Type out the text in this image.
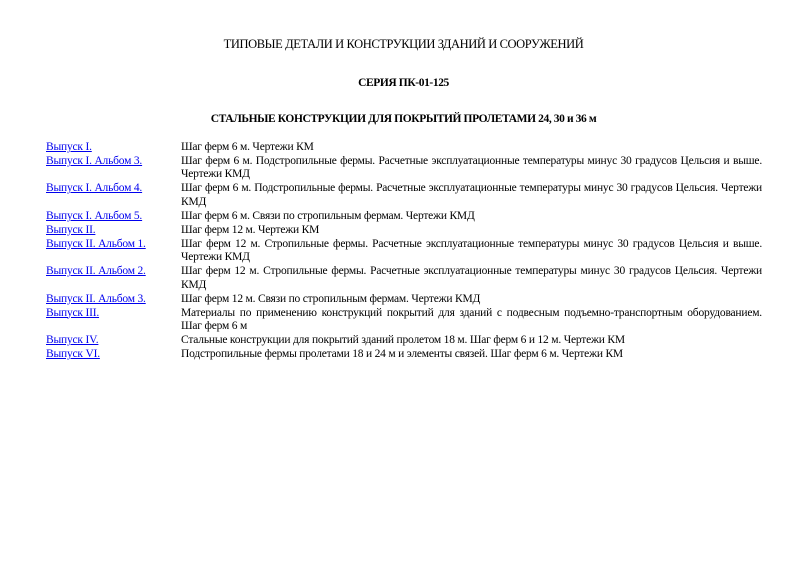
ТИПОВЫЕ ДЕТАЛИ И КОНСТРУКЦИИ ЗДАНИЙ И СООРУЖЕНИЙ
СЕРИЯ ПК-01-125
СТАЛЬНЫЕ КОНСТРУКЦИИ ДЛЯ ПОКРЫТИЙ ПРОЛЕТАМИ 24, 30 и 36 м
Выпуск I.	Шаг ферм 6 м. Чертежи КМ
Выпуск I. Альбом 3.	Шаг ферм 6 м. Подстропильные фермы. Расчетные эксплуатационные температуры минус 30 градусов Цельсия и выше. Чертежи КМД
Выпуск I. Альбом 4.	Шаг ферм 6 м. Подстропильные фермы. Расчетные эксплуатационные температуры минус 30 градусов Цельсия. Чертежи КМД
Выпуск I. Альбом 5.	Шаг ферм 6 м. Связи по стропильным фермам. Чертежи КМД
Выпуск II.	Шаг ферм 12 м. Чертежи КМ
Выпуск II. Альбом 1.	Шаг ферм 12 м. Стропильные фермы. Расчетные эксплуатационные температуры минус 30 градусов Цельсия и выше. Чертежи КМД
Выпуск II. Альбом 2.	Шаг ферм 12 м. Стропильные фермы. Расчетные эксплуатационные температуры минус 30 градусов Цельсия. Чертежи КМД
Выпуск II. Альбом 3.	Шаг ферм 12 м. Связи по стропильным фермам. Чертежи КМД
Выпуск III.	Материалы по применению конструкций покрытий для зданий с подвесным подъемно-транспортным оборудованием. Шаг ферм 6 м
Выпуск IV.	Стальные конструкции для покрытий зданий пролетом 18 м. Шаг ферм 6 и 12 м. Чертежи КМ
Выпуск VI.	Подстропильные фермы пролетами 18 и 24 м и элементы связей. Шаг ферм 6 м. Чертежи КМ
